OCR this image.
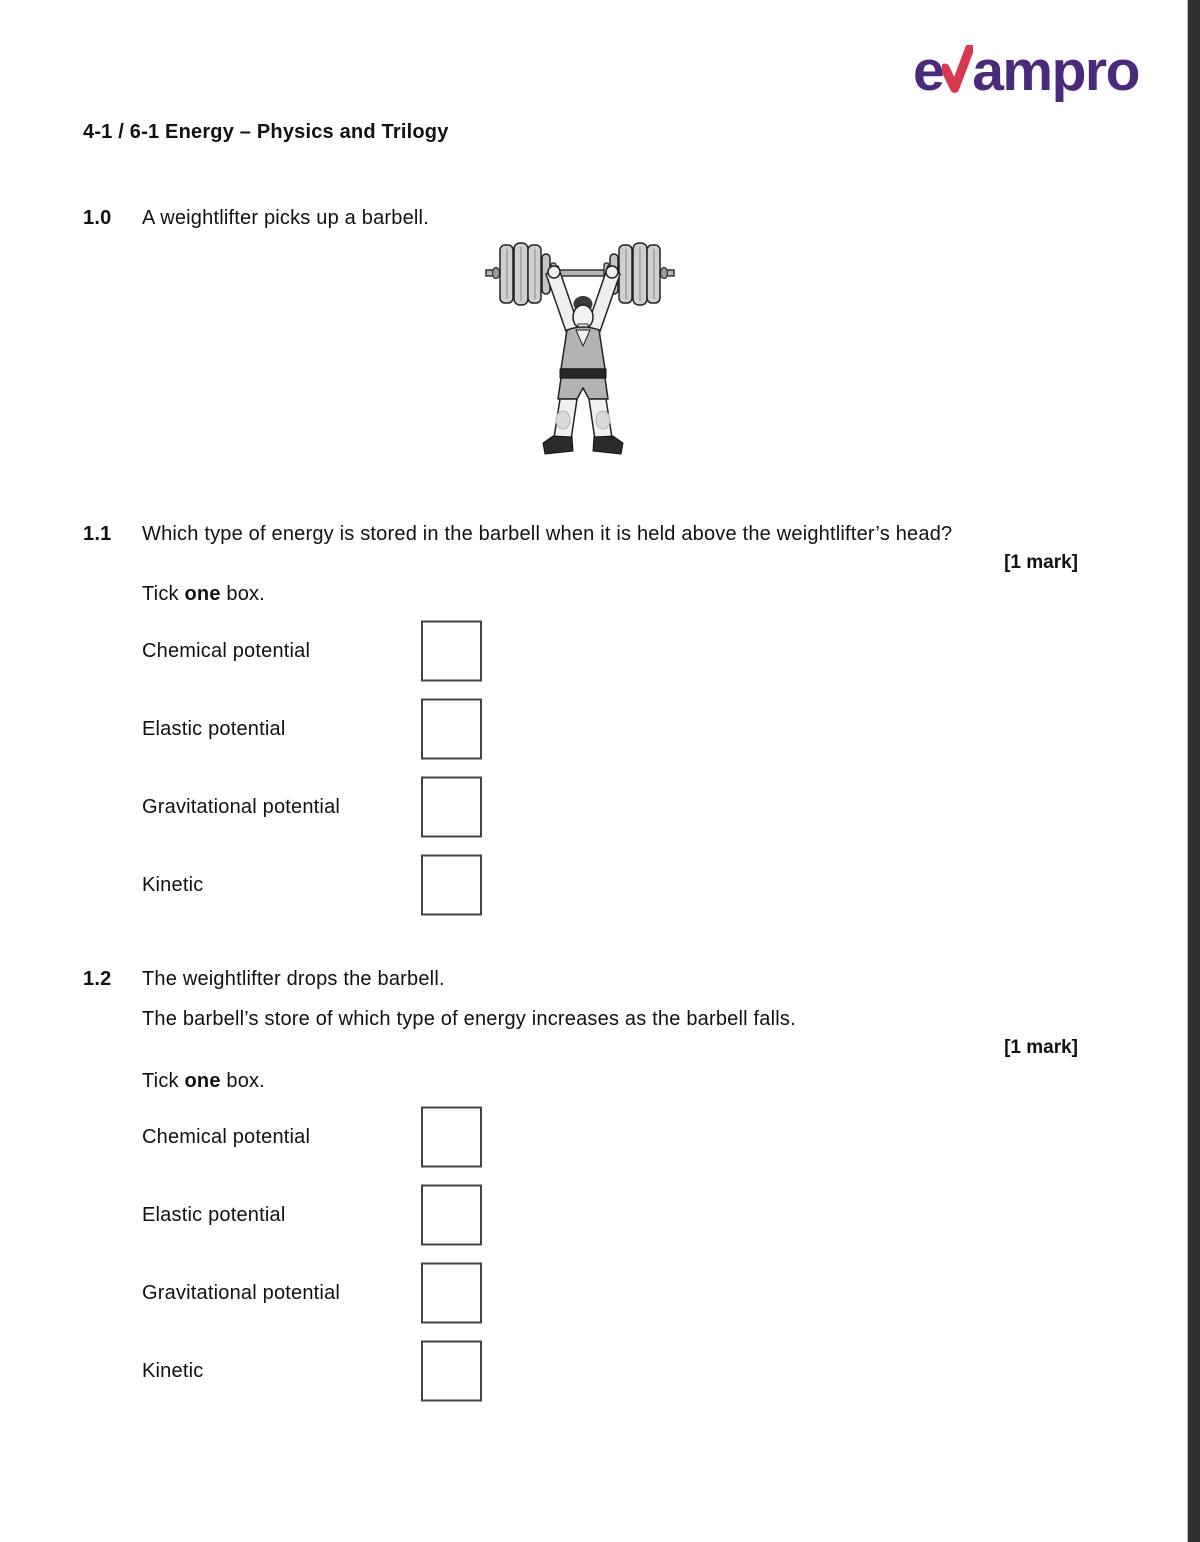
e ampro
4-1 / 6-1 Energy – Physics and Trilogy
1.0 A weightlifter picks up a barbell.
1.1 Which type of energy is stored in the barbell when it is held above the weightlifter’s head?
[1 mark]
Tick one box.
Chemical potential
Elastic potential
Gravitational potential
Kinetic
1.2 The weightlifter drops the barbell.
The barbell’s store of which type of energy increases as the barbell falls.
[1 mark]
Tick one box.
Chemical potential
Elastic potential
Gravitational potential
Kinetic
